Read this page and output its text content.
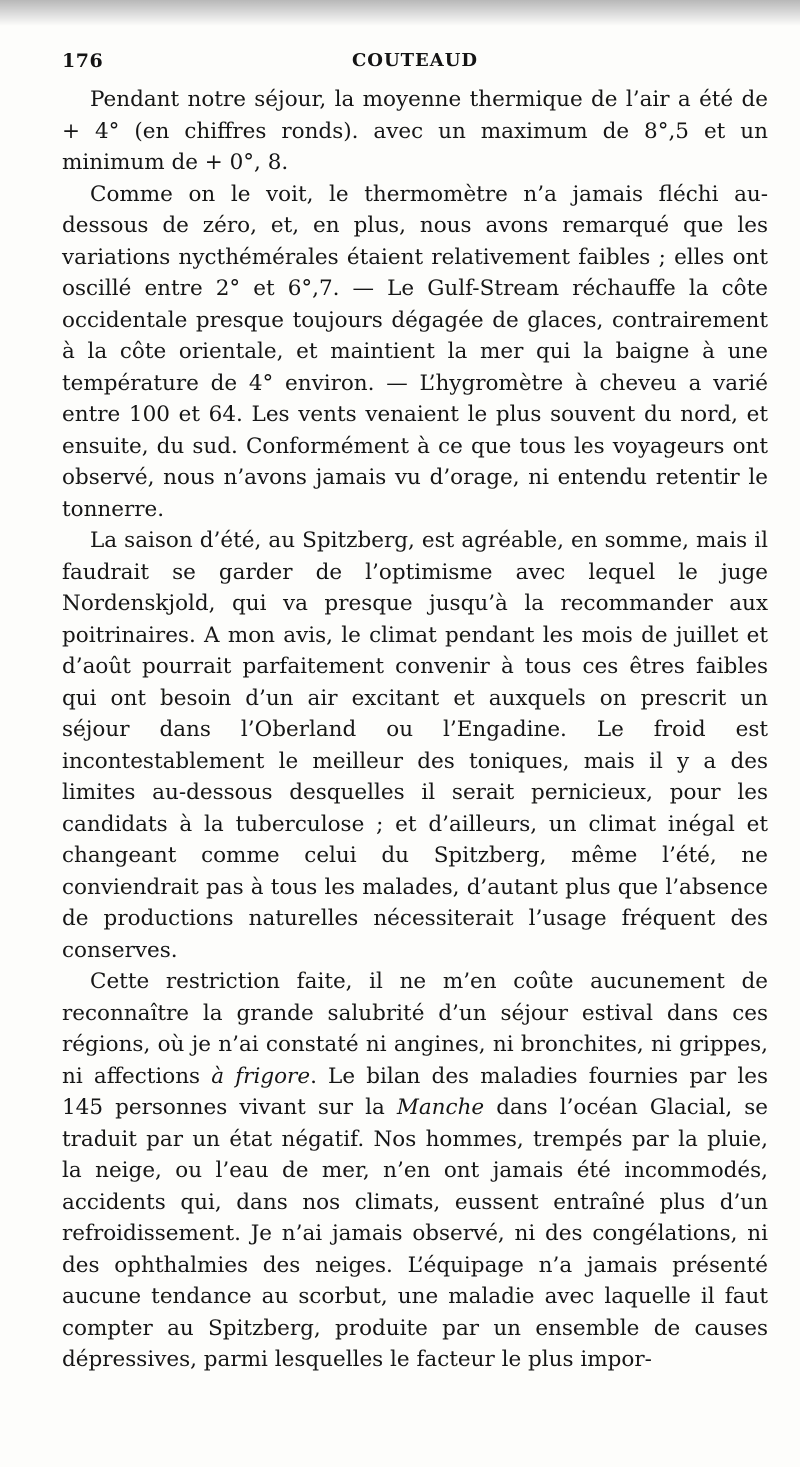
176	COUTEAUD

Pendant notre séjour, la moyenne thermique de l’air a été de + 4° (en chiffres ronds). avec un maximum de 8°,5 et un minimum de + 0°, 8.

Comme on le voit, le thermomètre n’a jamais fléchi au-dessous de zéro, et, en plus, nous avons remarqué que les variations nycthémérales étaient relativement faibles ; elles ont oscillé entre 2° et 6°,7. — Le Gulf-Stream réchauffe la côte occidentale presque toujours dégagée de glaces, contrairement à la côte orientale, et maintient la mer qui la baigne à une température de 4° environ. — L’hygromètre à cheveu a varié entre 100 et 64. Les vents venaient le plus souvent du nord, et ensuite, du sud. Conformément à ce que tous les voyageurs ont observé, nous n’avons jamais vu d’orage, ni entendu retentir le tonnerre.

La saison d’été, au Spitzberg, est agréable, en somme, mais il faudrait se garder de l’optimisme avec lequel le juge Nordenskjold, qui va presque jusqu’à la recommander aux poitrinaires. A mon avis, le climat pendant les mois de juillet et d’août pourrait parfaitement convenir à tous ces êtres faibles qui ont besoin d’un air excitant et auxquels on prescrit un séjour dans l’Oberland ou l’Engadine. Le froid est incontestablement le meilleur des toniques, mais il y a des limites au-dessous desquelles il serait pernicieux, pour les candidats à la tuberculose ; et d’ailleurs, un climat inégal et changeant comme celui du Spitzberg, même l’été, ne conviendrait pas à tous les malades, d’autant plus que l’absence de productions naturelles nécessiterait l’usage fréquent des conserves.

Cette restriction faite, il ne m’en coûte aucunement de reconnaître la grande salubrité d’un séjour estival dans ces régions, où je n’ai constaté ni angines, ni bronchites, ni grippes, ni affections à frigore. Le bilan des maladies fournies par les 145 personnes vivant sur la Manche dans l’océan Glacial, se traduit par un état négatif. Nos hommes, trempés par la pluie, la neige, ou l’eau de mer, n’en ont jamais été incommodés, accidents qui, dans nos climats, eussent entraîné plus d’un refroidissement. Je n’ai jamais observé, ni des congélations, ni des ophthalmies des neiges. L’équipage n’a jamais présenté aucune tendance au scorbut, une maladie avec laquelle il faut compter au Spitzberg, produite par un ensemble de causes dépressives, parmi lesquelles le facteur le plus impor-
